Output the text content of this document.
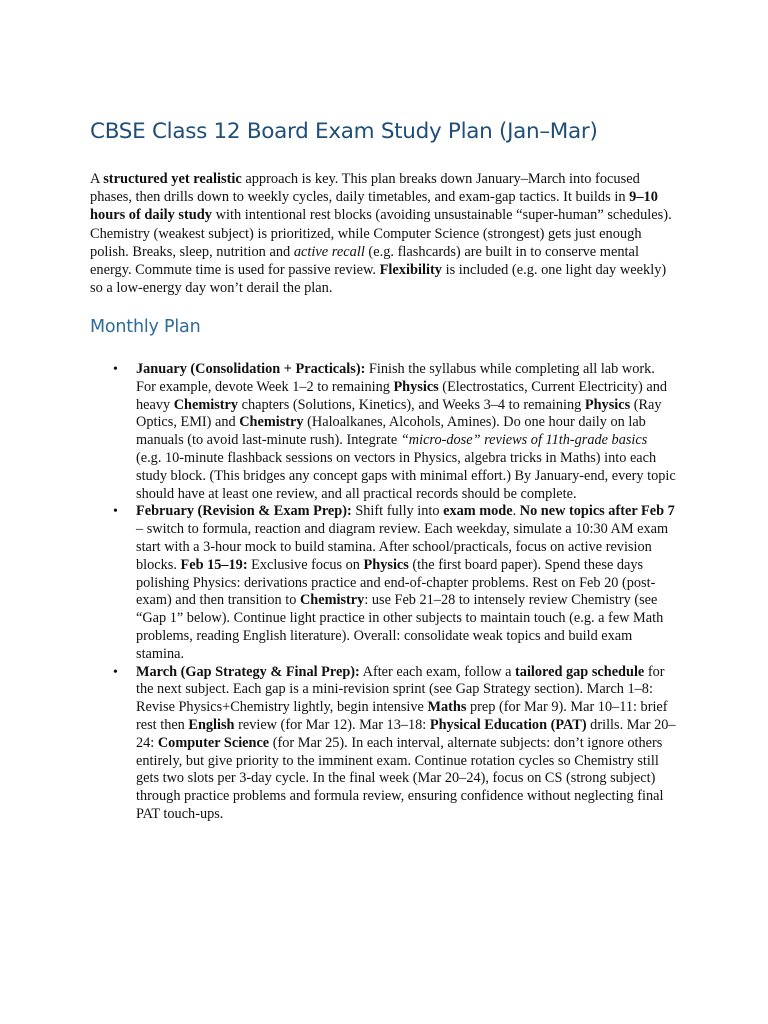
CBSE Class 12 Board Exam Study Plan (Jan–Mar)

A structured yet realistic approach is key. This plan breaks down January–March into focused phases, then drills down to weekly cycles, daily timetables, and exam-gap tactics. It builds in 9–10 hours of daily study with intentional rest blocks (avoiding unsustainable “super-human” schedules). Chemistry (weakest subject) is prioritized, while Computer Science (strongest) gets just enough polish. Breaks, sleep, nutrition and active recall (e.g. flashcards) are built in to conserve mental energy. Commute time is used for passive review. Flexibility is included (e.g. one light day weekly) so a low-energy day won’t derail the plan.

Monthly Plan
• January (Consolidation + Practicals): Finish the syllabus while completing all lab work. For example, devote Week 1–2 to remaining Physics (Electrostatics, Current Electricity) and heavy Chemistry chapters (Solutions, Kinetics), and Weeks 3–4 to remaining Physics (Ray Optics, EMI) and Chemistry (Haloalkanes, Alcohols, Amines). Do one hour daily on lab manuals (to avoid last-minute rush). Integrate “micro-dose” reviews of 11th-grade basics (e.g. 10-minute flashback sessions on vectors in Physics, algebra tricks in Maths) into each study block. (This bridges any concept gaps with minimal effort.) By January-end, every topic should have at least one review, and all practical records should be complete.
• February (Revision & Exam Prep): Shift fully into exam mode. No new topics after Feb 7 – switch to formula, reaction and diagram review. Each weekday, simulate a 10:30 AM exam start with a 3-hour mock to build stamina. After school/practicals, focus on active revision blocks. Feb 15–19: Exclusive focus on Physics (the first board paper). Spend these days polishing Physics: derivations practice and end-of-chapter problems. Rest on Feb 20 (post-exam) and then transition to Chemistry: use Feb 21–28 to intensely review Chemistry (see “Gap 1” below). Continue light practice in other subjects to maintain touch (e.g. a few Math problems, reading English literature). Overall: consolidate weak topics and build exam stamina.
• March (Gap Strategy & Final Prep): After each exam, follow a tailored gap schedule for the next subject. Each gap is a mini-revision sprint (see Gap Strategy section). March 1–8: Revise Physics+Chemistry lightly, begin intensive Maths prep (for Mar 9). Mar 10–11: brief rest then English review (for Mar 12). Mar 13–18: Physical Education (PAT) drills. Mar 20–24: Computer Science (for Mar 25). In each interval, alternate subjects: don’t ignore others entirely, but give priority to the imminent exam. Continue rotation cycles so Chemistry still gets two slots per 3-day cycle. In the final week (Mar 20–24), focus on CS (strong subject) through practice problems and formula review, ensuring confidence without neglecting final PAT touch-ups.
